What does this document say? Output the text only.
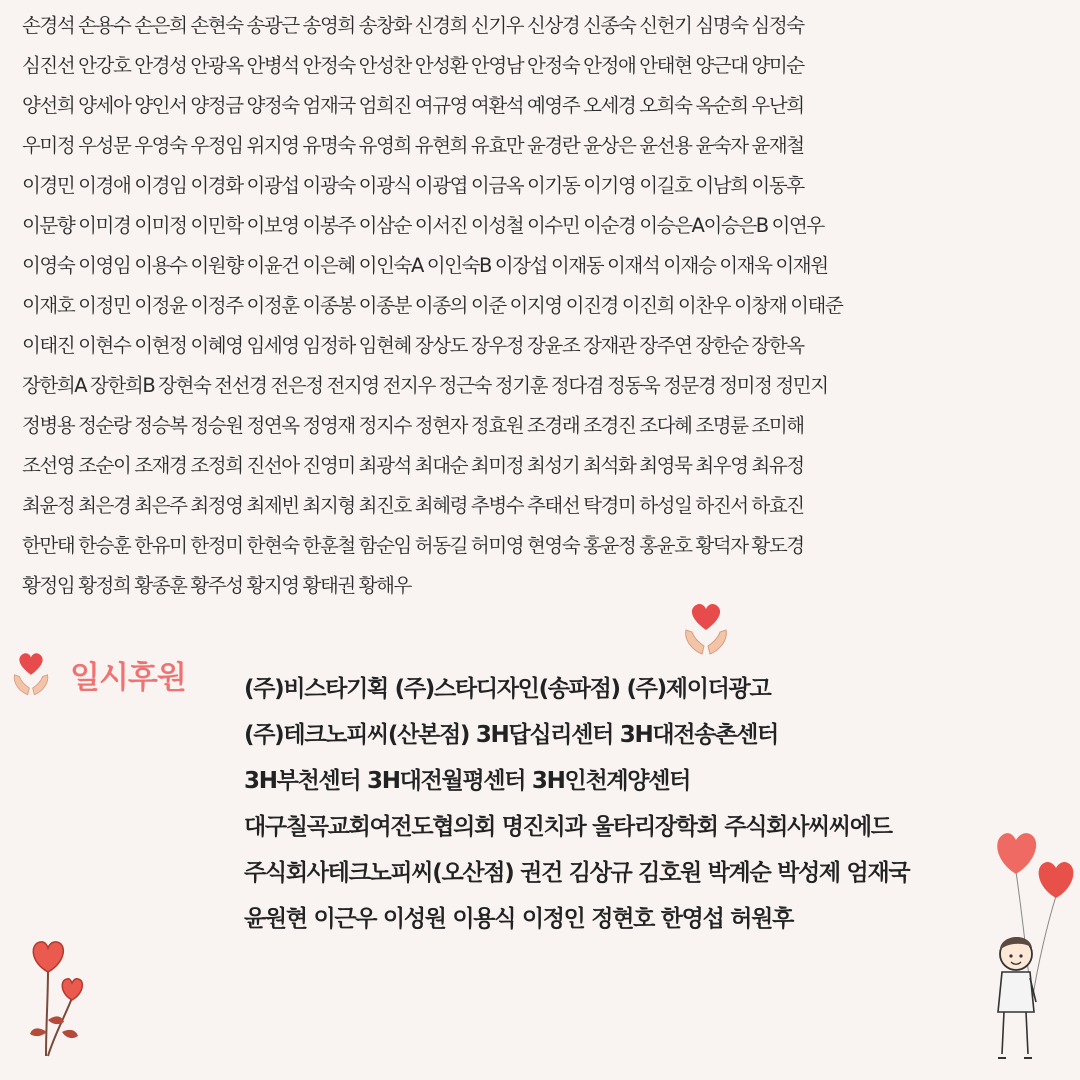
손경석 손용수 손은희 손현숙 송광근 송영희 송창화 신경희 신기우 신상경 신종숙 신헌기 심명숙 심정숙
심진선 안강호 안경성 안광옥 안병석 안정숙 안성찬 안성환 안영남 안정숙 안정애 안태현 양근대 양미순
양선희 양세아 양인서 양정금 양정숙 엄재국 엄희진 여규영 여환석 예영주 오세경 오희숙 옥순희 우난희
우미정 우성문 우영숙 우정임 위지영 유명숙 유영희 유현희 유효만 윤경란 윤상은 윤선용 윤숙자 윤재철
이경민 이경애 이경임 이경화 이광섭 이광숙 이광식 이광엽 이금옥 이기동 이기영 이길호 이남희 이동후
이문향 이미경 이미정 이민학 이보영 이봉주 이삼순 이서진 이성철 이수민 이순경 이승은A이승은B 이연우
이영숙 이영임 이용수 이원향 이윤건 이은혜 이인숙A 이인숙B 이장섭 이재동 이재석 이재승 이재욱 이재원
이재호 이정민 이정윤 이정주 이정훈 이종봉 이종분 이종의 이준 이지영 이진경 이진희 이찬우 이창재 이태준
이태진 이현수 이현정 이혜영 임세영 임정하 임현혜 장상도 장우정 장윤조 장재관 장주연 장한순 장한옥
장한희A 장한희B 장현숙 전선경 전은정 전지영 전지우 정근숙 정기훈 정다겸 정동욱 정문경 정미정 정민지
정병용 정순랑 정승복 정승원 정연옥 정영재 정지수 정현자 정효원 조경래 조경진 조다혜 조명륜 조미해
조선영 조순이 조재경 조정희 진선아 진영미 최광석 최대순 최미정 최성기 최석화 최영묵 최우영 최유정
최윤정 최은경 최은주 최정영 최제빈 최지형 최진호 최혜령 추병수 추태선 탁경미 하성일 하진서 하효진
한만태 한승훈 한유미 한정미 한현숙 한훈철 함순임 허동길 허미영 현영숙 홍윤정 홍윤호 황덕자 황도경
황정임 황정희 황종훈 황주성 황지영 황태권 황해우
일시후원	(주)비스타기획 (주)스타디자인(송파점) (주)제이더광고
(주)테크노피씨(산본점) 3H답십리센터 3H대전송촌센터
3H부천센터 3H대전월평센터 3H인천계양센터
대구칠곡교회여전도협의회 명진치과 울타리장학회 주식회사씨씨에드
주식회사테크노피씨(오산점) 권건 김상규 김호원 박계순 박성제 엄재국
윤원현 이근우 이성원 이용식 이정인 정현호 한영섭 허원후
